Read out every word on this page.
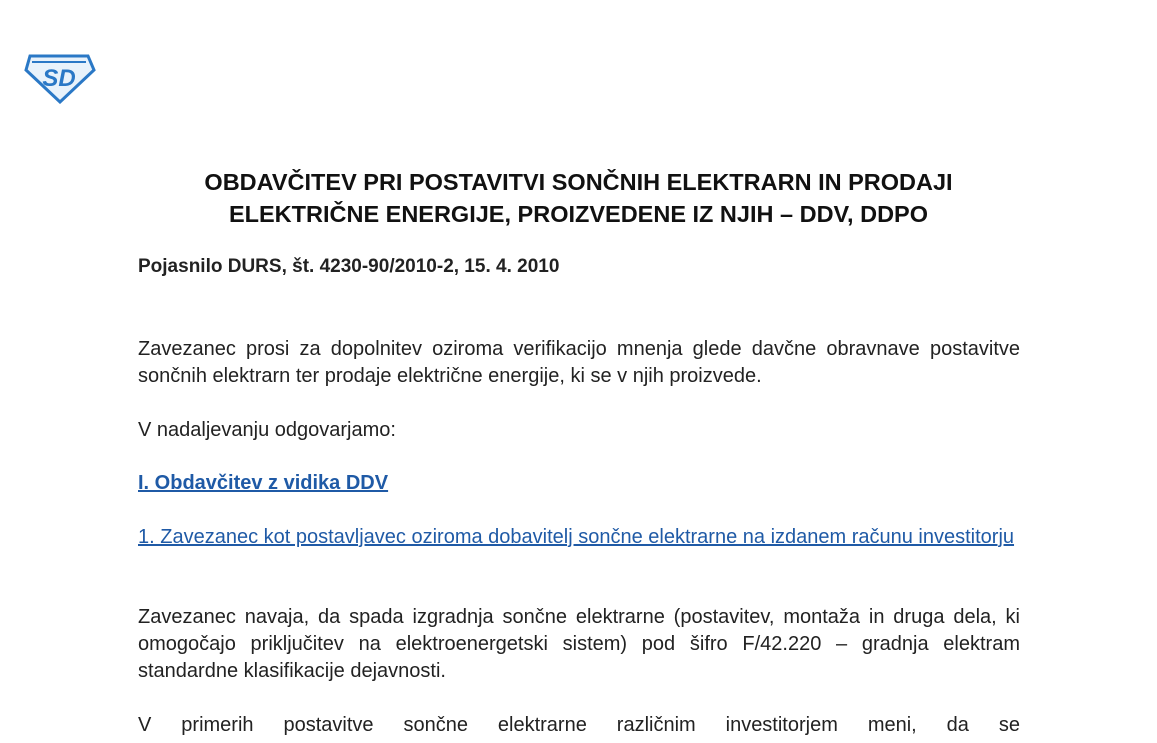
SD
OBDAVČITEV PRI POSTAVITVI SONČNIH ELEKTRARN IN PRODAJI
ELEKTRIČNE ENERGIJE, PROIZVEDENE IZ NJIH – DDV, DDPO
Pojasnilo DURS, št. 4230-90/2010-2, 15. 4. 2010
Zavezanec prosi za dopolnitev oziroma verifikacijo mnenja glede davčne obravnave postavitve sončnih elektrarn ter prodaje električne energije, ki se v njih proizvede.
V nadaljevanju odgovarjamo:
I. Obdavčitev z vidika DDV
1. Zavezanec kot postavljavec oziroma dobavitelj sončne elektrarne na izdanem računu investitorju
Zavezanec navaja, da spada izgradnja sončne elektrarne (postavitev, montaža in druga dela, ki omogočajo priključitev na elektroenergetski sistem) pod šifro F/42.220 – gradnja elektram standardne klasifikacije dejavnosti.
V primerih postavitve sončne elektrarne različnim investitorjem meni, da se
